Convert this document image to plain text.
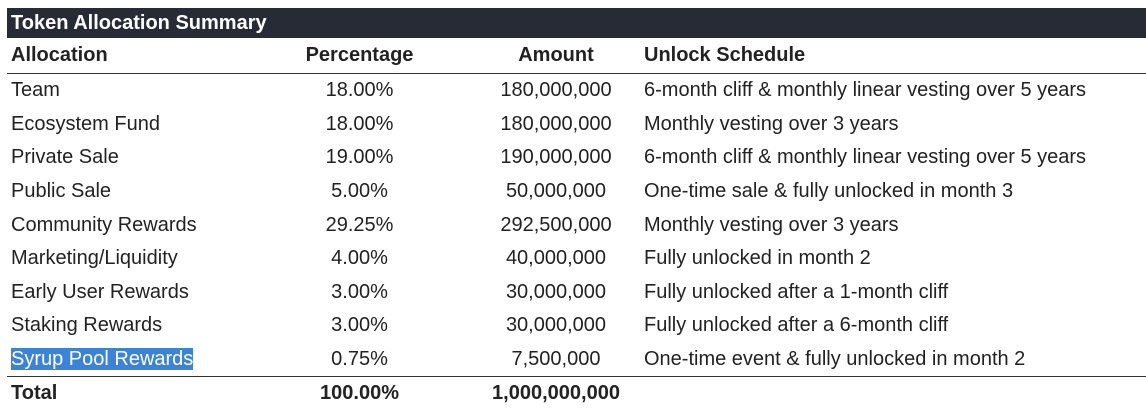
Token Allocation Summary
Allocation	Percentage	Amount	Unlock Schedule
Team	18.00%	180,000,000	6-month cliff & monthly linear vesting over 5 years
Ecosystem Fund	18.00%	180,000,000	Monthly vesting over 3 years
Private Sale	19.00%	190,000,000	6-month cliff & monthly linear vesting over 5 years
Public Sale	5.00%	50,000,000	One-time sale & fully unlocked in month 3
Community Rewards	29.25%	292,500,000	Monthly vesting over 3 years
Marketing/Liquidity	4.00%	40,000,000	Fully unlocked in month 2
Early User Rewards	3.00%	30,000,000	Fully unlocked after a 1-month cliff
Staking Rewards	3.00%	30,000,000	Fully unlocked after a 6-month cliff
Syrup Pool Rewards	0.75%	7,500,000	One-time event & fully unlocked in month 2
Total	100.00%	1,000,000,000	
